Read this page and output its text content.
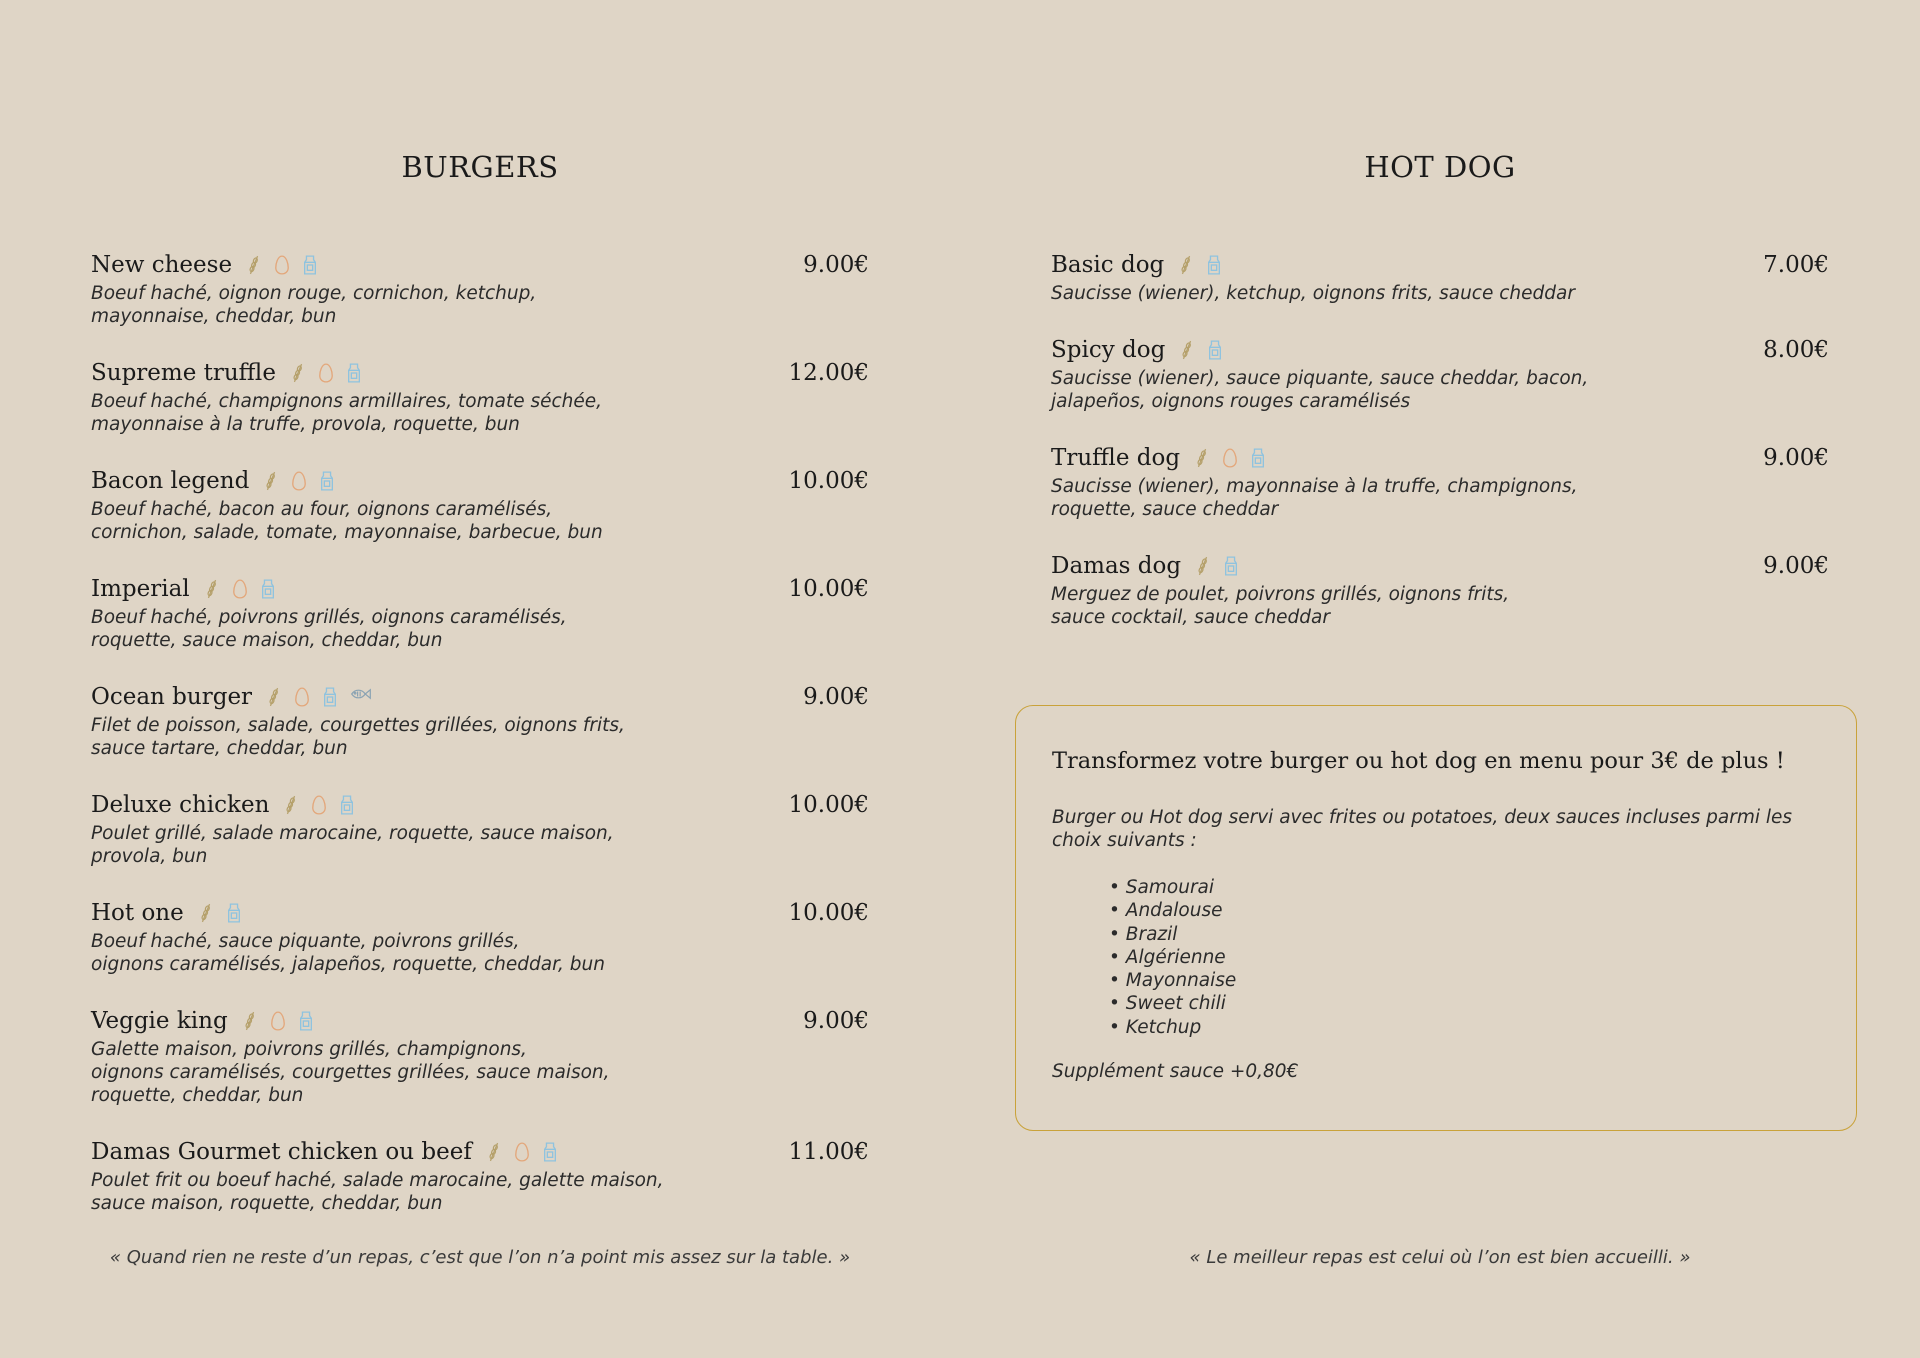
BURGERS
New cheese	9.00€
Boeuf haché, oignon rouge, cornichon, ketchup,
mayonnaise, cheddar, bun
Supreme truffle	12.00€
Boeuf haché, champignons armillaires, tomate séchée,
mayonnaise à la truffe, provola, roquette, bun
Bacon legend	10.00€
Boeuf haché, bacon au four, oignons caramélisés,
cornichon, salade, tomate, mayonnaise, barbecue, bun
Imperial	10.00€
Boeuf haché, poivrons grillés, oignons caramélisés,
roquette, sauce maison, cheddar, bun
Ocean burger	9.00€
Filet de poisson, salade, courgettes grillées, oignons frits,
sauce tartare, cheddar, bun
Deluxe chicken	10.00€
Poulet grillé, salade marocaine, roquette, sauce maison,
provola, bun
Hot one	10.00€
Boeuf haché, sauce piquante, poivrons grillés,
oignons caramélisés, jalapeños, roquette, cheddar, bun
Veggie king	9.00€
Galette maison, poivrons grillés, champignons,
oignons caramélisés, courgettes grillées, sauce maison,
roquette, cheddar, bun
Damas Gourmet chicken ou beef	11.00€
Poulet frit ou boeuf haché, salade marocaine, galette maison,
sauce maison, roquette, cheddar, bun
« Quand rien ne reste d’un repas, c’est que l’on n’a point mis assez sur la table. »
HOT DOG
Basic dog	7.00€
Saucisse (wiener), ketchup, oignons frits, sauce cheddar
Spicy dog	8.00€
Saucisse (wiener), sauce piquante, sauce cheddar, bacon,
jalapeños, oignons rouges caramélisés
Truffle dog	9.00€
Saucisse (wiener), mayonnaise à la truffe, champignons,
roquette, sauce cheddar
Damas dog	9.00€
Merguez de poulet, poivrons grillés, oignons frits,
sauce cocktail, sauce cheddar
« Le meilleur repas est celui où l’on est bien accueilli. »
Transformez votre burger ou hot dog en menu pour 3€ de plus !
Burger ou Hot dog servi avec frites ou potatoes, deux sauces incluses parmi les
choix suivants :
• Samourai
• Andalouse
• Brazil
• Algérienne
• Mayonnaise
• Sweet chili
• Ketchup
Supplément sauce +0,80€
